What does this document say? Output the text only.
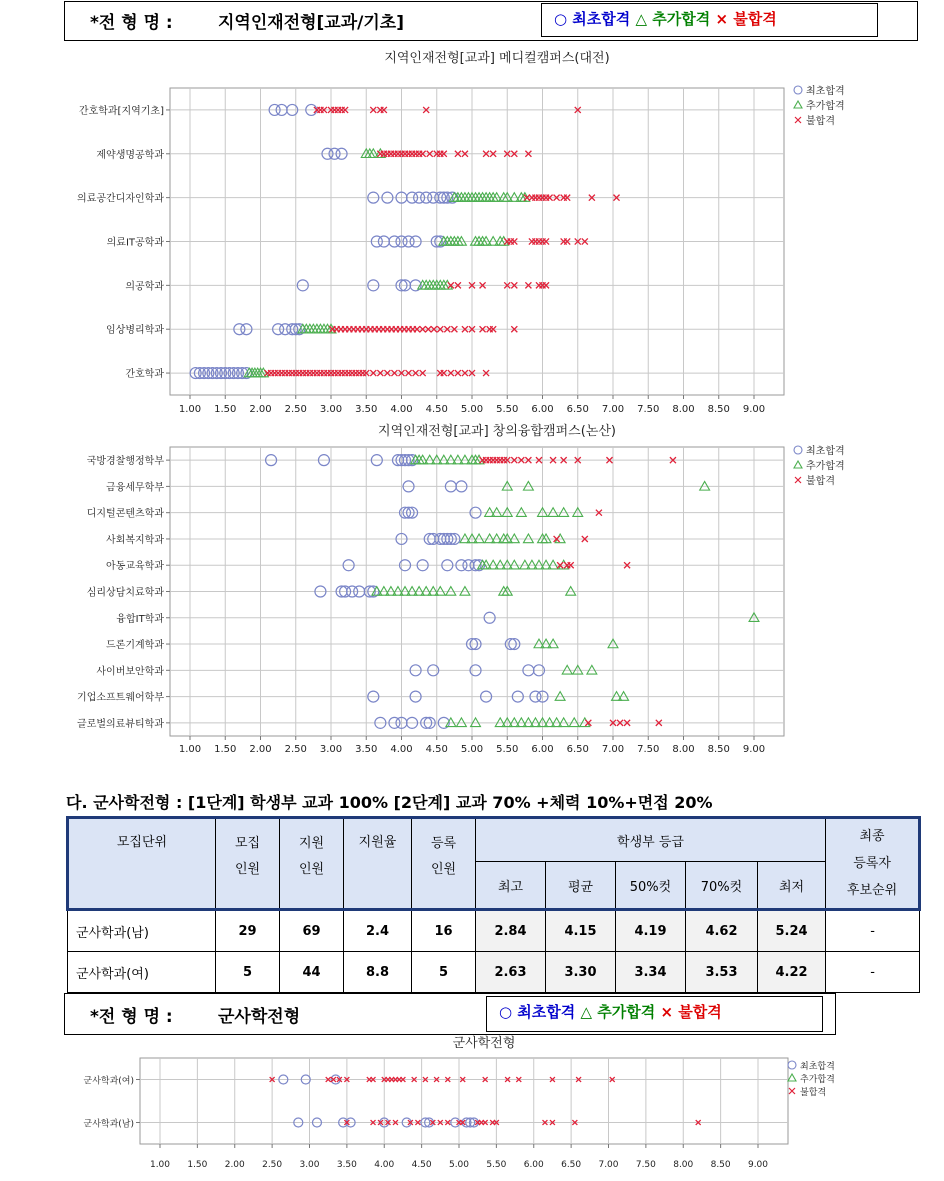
*전 형 명 :	지역인재전형[교과/기초]	○ 최초합격 △ 추가합격 × 불합격
지역인재전형[교과] 메디컬캠퍼스(대전)
1.00 1.50 2.00 2.50 3.00 3.50 4.00 4.50 5.00 5.50 6.00 6.50 7.00 7.50 8.00 8.50 9.00
간호학과[지역기초]
제약생명공학과
의료공간디자인학과
의료IT공학과
의공학과
임상병리학과
간호학과
최초합격
추가합격
불합격
지역인재전형[교과] 창의융합캠퍼스(논산)
1.00 1.50 2.00 2.50 3.00 3.50 4.00 4.50 5.00 5.50 6.00 6.50 7.00 7.50 8.00 8.50 9.00
국방경찰행정학부
금융세무학부
디지털콘텐츠학과
사회복지학과
아동교육학과
심리상담치료학과
융합IT학과
드론기계학과
사이버보안학과
기업소프트웨어학부
글로벌의료뷰티학과
최초합격
추가합격
불합격
다. 군사학전형 : [1단계] 학생부 교과 100% [2단계] 교과 70% +체력 10%+면접 20%
모집단위	모집
인원	지원
인원	지원율	등록
인원	학생부 등급					최종
등록자
후보순위
					최고	평균	50%컷	70%컷	최저	
군사학과(남)	29	69	2.4	16	2.84	4.15	4.19	4.62	5.24	-
군사학과(여)	5	44	8.8	5	2.63	3.30	3.34	3.53	4.22	-
*전 형 명 :	군사학전형	○ 최초합격 △ 추가합격 × 불합격
군사학전형
1.00 1.50 2.00 2.50 3.00 3.50 4.00 4.50 5.00 5.50 6.00 6.50 7.00 7.50 8.00 8.50 9.00
군사학과(여)
군사학과(남)
최초합격
추가합격
불합격
